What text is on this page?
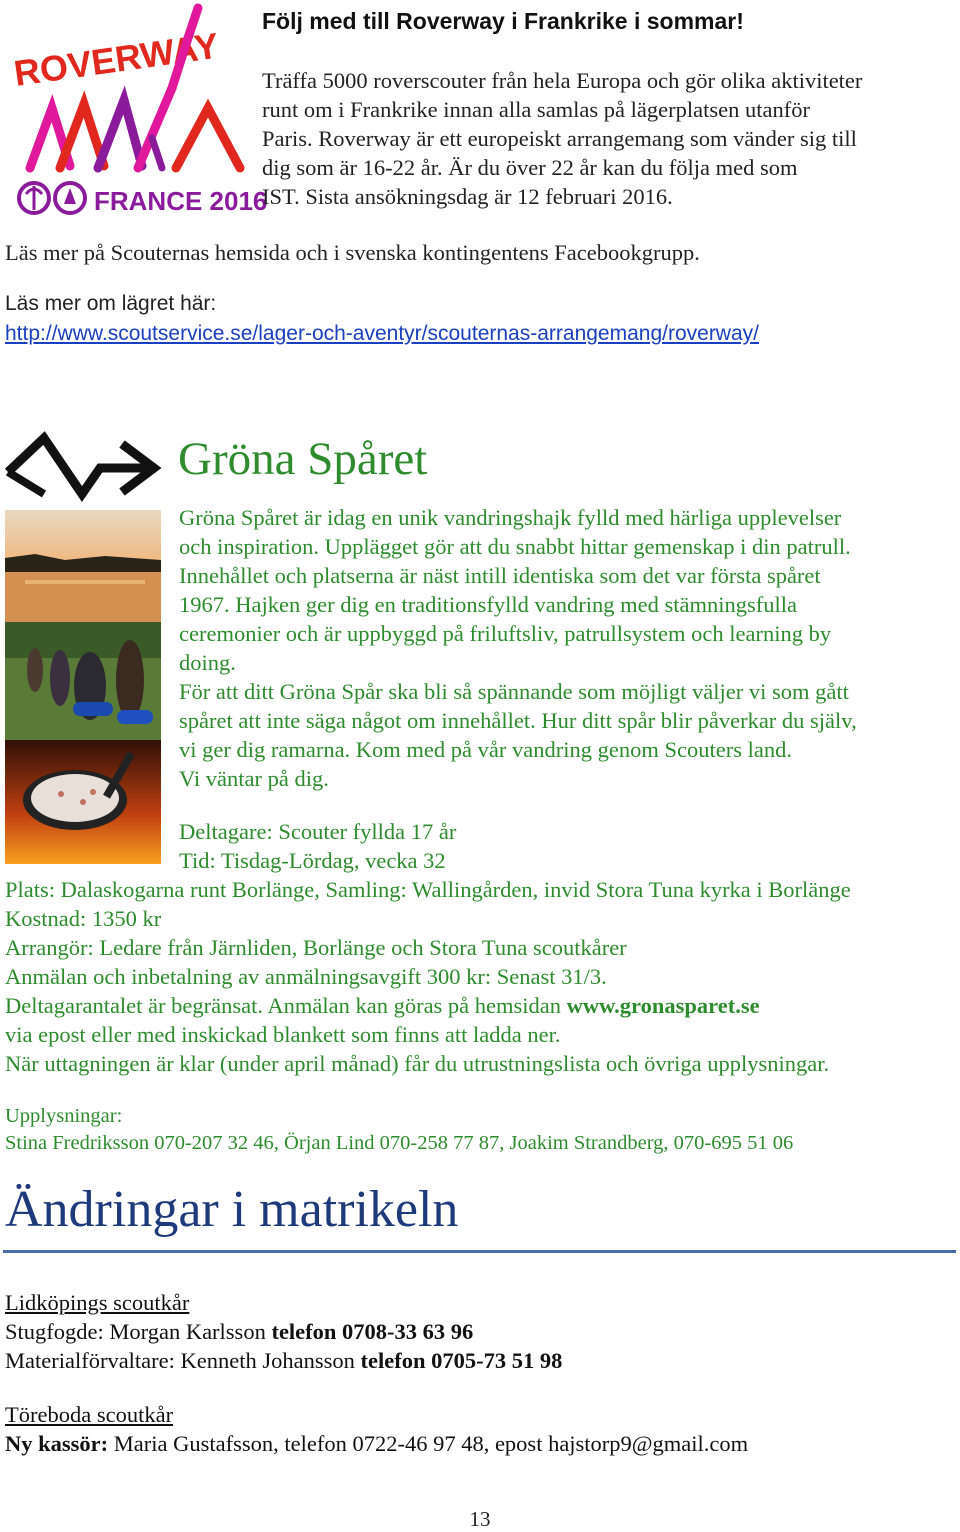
ROVERWAY
FRANCE 2016
Följ med till Roverway i Frankrike i sommar!
Träffa 5000 roverscouter från hela Europa och gör olika aktiviteter
runt om i Frankrike innan alla samlas på lägerplatsen utanför
Paris. Roverway är ett europeiskt arrangemang som vänder sig till
dig som är 16-22 år. Är du över 22 år kan du följa med som
IST. Sista ansökningsdag är 12 februari 2016.
Läs mer på Scouternas hemsida och i svenska kontingentens Facebookgrupp.
Läs mer om lägret här:
http://www.scoutservice.se/lager-och-aventyr/scouternas-arrangemang/roverway/
Gröna Spåret
Gröna Spåret är idag en unik vandringshajk fylld med härliga upplevelser
och inspiration. Upplägget gör att du snabbt hittar gemenskap i din patrull.
Innehållet och platserna är näst intill identiska som det var första spåret
1967. Hajken ger dig en traditionsfylld vandring med stämningsfulla
ceremonier och är uppbyggd på friluftsliv, patrullsystem och learning by
doing.
För att ditt Gröna Spår ska bli så spännande som möjligt väljer vi som gått
spåret att inte säga något om innehållet. Hur ditt spår blir påverkar du själv,
vi ger dig ramarna. Kom med på vår vandring genom Scouters land.
Vi väntar på dig.
Deltagare: Scouter fyllda 17 år
Tid: Tisdag-Lördag, vecka 32
Plats: Dalaskogarna runt Borlänge, Samling: Wallingården, invid Stora Tuna kyrka i Borlänge
Kostnad: 1350 kr
Arrangör: Ledare från Järnliden, Borlänge och Stora Tuna scoutkårer
Anmälan och inbetalning av anmälningsavgift 300 kr: Senast 31/3.
Deltagarantalet är begränsat. Anmälan kan göras på hemsidan www.gronasparet.se
via epost eller med inskickad blankett som finns att ladda ner.
När uttagningen är klar (under april månad) får du utrustningslista och övriga upplysningar.
Upplysningar:
Stina Fredriksson 070-207 32 46, Örjan Lind 070-258 77 87, Joakim Strandberg, 070-695 51 06
Ändringar i matrikeln
Lidköpings scoutkår
Stugfogde: Morgan Karlsson telefon 0708-33 63 96
Materialförvaltare: Kenneth Johansson telefon 0705-73 51 98
Töreboda scoutkår
Ny kassör: Maria Gustafsson, telefon 0722-46 97 48, epost hajstorp9@gmail.com
13
